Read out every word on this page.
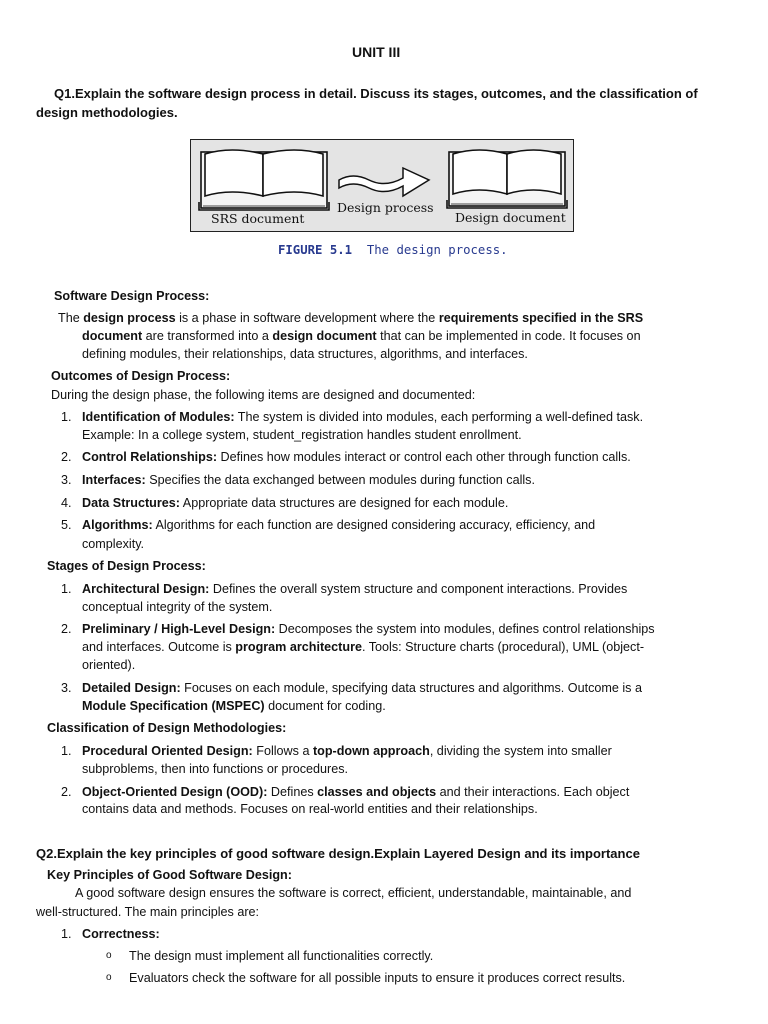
UNIT III
Q1.Explain the software design process in detail. Discuss its stages, outcomes, and the classification of
design methodologies.
SRS document
Design process
Design document
FIGURE 5.1 The design process.
Software Design Process:
The design process is a phase in software development where the requirements specified in the SRS
document are transformed into a design document that can be implemented in code. It focuses on
defining modules, their relationships, data structures, algorithms, and interfaces.
Outcomes of Design Process:
During the design phase, the following items are designed and documented:
1. Identification of Modules: The system is divided into modules, each performing a well-defined task.
Example: In a college system, student_registration handles student enrollment.
2. Control Relationships: Defines how modules interact or control each other through function calls.
3. Interfaces: Specifies the data exchanged between modules during function calls.
4. Data Structures: Appropriate data structures are designed for each module.
5. Algorithms: Algorithms for each function are designed considering accuracy, efficiency, and
complexity.
Stages of Design Process:
1. Architectural Design: Defines the overall system structure and component interactions. Provides
conceptual integrity of the system.
2. Preliminary / High-Level Design: Decomposes the system into modules, defines control relationships
and interfaces. Outcome is program architecture. Tools: Structure charts (procedural), UML (object-
oriented).
3. Detailed Design: Focuses on each module, specifying data structures and algorithms. Outcome is a
Module Specification (MSPEC) document for coding.
Classification of Design Methodologies:
1. Procedural Oriented Design: Follows a top-down approach, dividing the system into smaller
subproblems, then into functions or procedures.
2. Object-Oriented Design (OOD): Defines classes and objects and their interactions. Each object
contains data and methods. Focuses on real-world entities and their relationships.
Q2.Explain the key principles of good software design.Explain Layered Design and its importance
Key Principles of Good Software Design:
A good software design ensures the software is correct, efficient, understandable, maintainable, and
well-structured. The main principles are:
1. Correctness:
o The design must implement all functionalities correctly.
o Evaluators check the software for all possible inputs to ensure it produces correct results.
